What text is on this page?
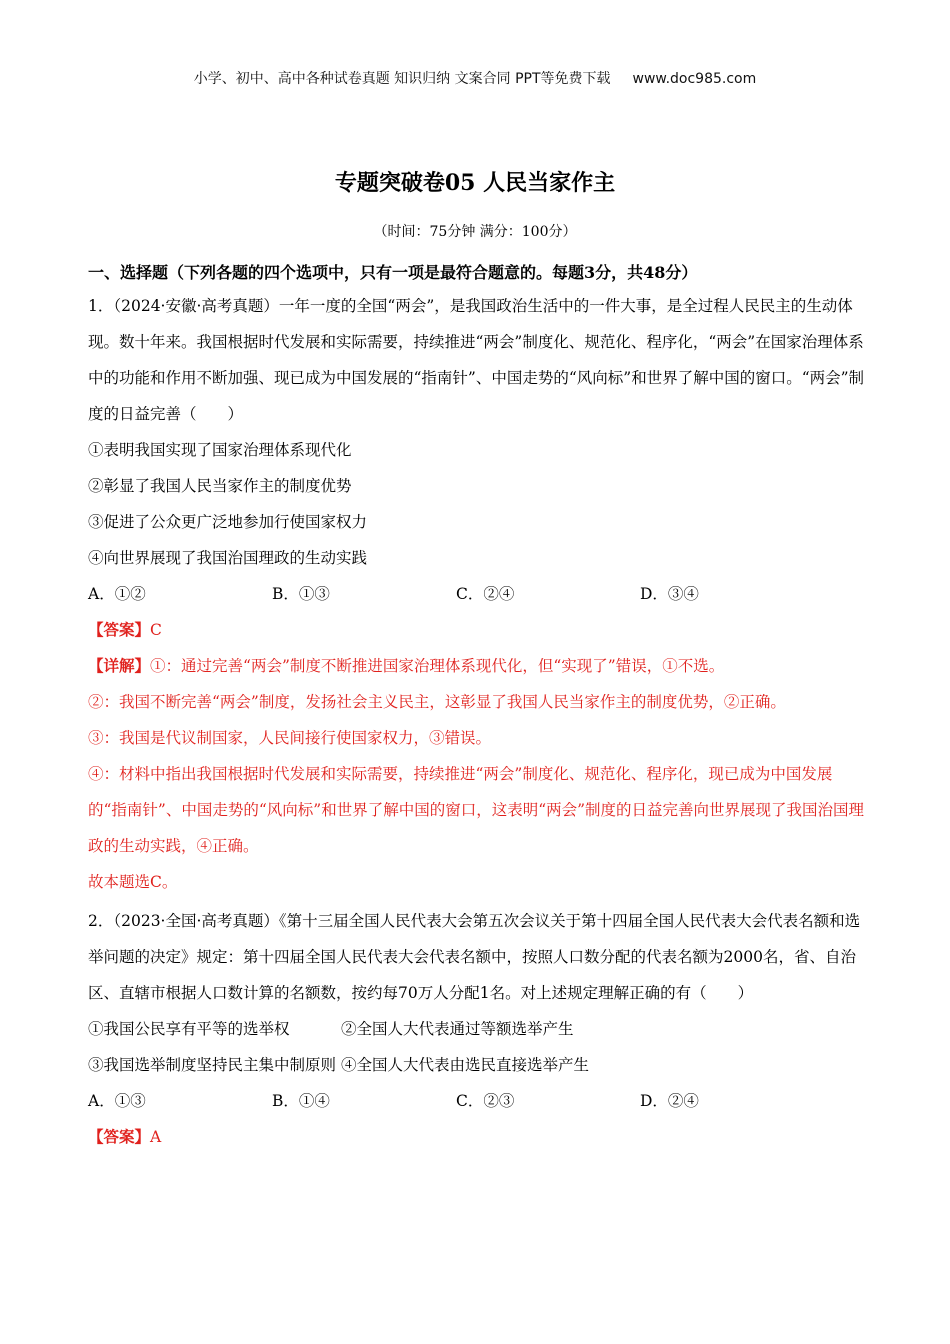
小学、初中、高中各种试卷真题 知识归纳 文案合同 PPT等免费下载 www.doc985.com
专题突破卷05 人民当家作主
（时间：75分钟 满分：100分）
一、选择题（下列各题的四个选项中，只有一项是最符合题意的。每题3分，共48分）

1．（2024·安徽·高考真题）一年一度的全国“两会”，是我国政治生活中的一件大事，是全过程人民民主的生动体现。数十年来。我国根据时代发展和实际需要，持续推进“两会”制度化、规范化、程序化，“两会”在国家治理体系中的功能和作用不断加强、现已成为中国发展的“指南针”、中国走势的“风向标”和世界了解中国的窗口。“两会”制度的日益完善（　　）

①表明我国实现了国家治理体系现代化

②彰显了我国人民当家作主的制度优势

③促进了公众更广泛地参加行使国家权力

④向世界展现了我国治国理政的生动实践

A．①②	B．①③	C．②④	D．③④

【答案】C

【详解】①：通过完善“两会”制度不断推进国家治理体系现代化，但“实现了”错误，①不选。

②：我国不断完善“两会”制度，发扬社会主义民主，这彰显了我国人民当家作主的制度优势，②正确。

③：我国是代议制国家，人民间接行使国家权力，③错误。

④：材料中指出我国根据时代发展和实际需要，持续推进“两会”制度化、规范化、程序化，现已成为中国发展的“指南针”、中国走势的“风向标”和世界了解中国的窗口，这表明“两会”制度的日益完善向世界展现了我国治国理政的生动实践，④正确。

故本题选C。

2．（2023·全国·高考真题）《第十三届全国人民代表大会第五次会议关于第十四届全国人民代表大会代表名额和选举问题的决定》规定：第十四届全国人民代表大会代表名额中，按照人口数分配的代表名额为2000名，省、自治区、直辖市根据人口数计算的名额数，按约每70万人分配1名。对上述规定理解正确的有（　　）

①我国公民享有平等的选举权	②全国人大代表通过等额选举产生

③我国选举制度坚持民主集中制原则 ④全国人大代表由选民直接选举产生

A．①③	B．①④	C．②③	D．②④

【答案】A
